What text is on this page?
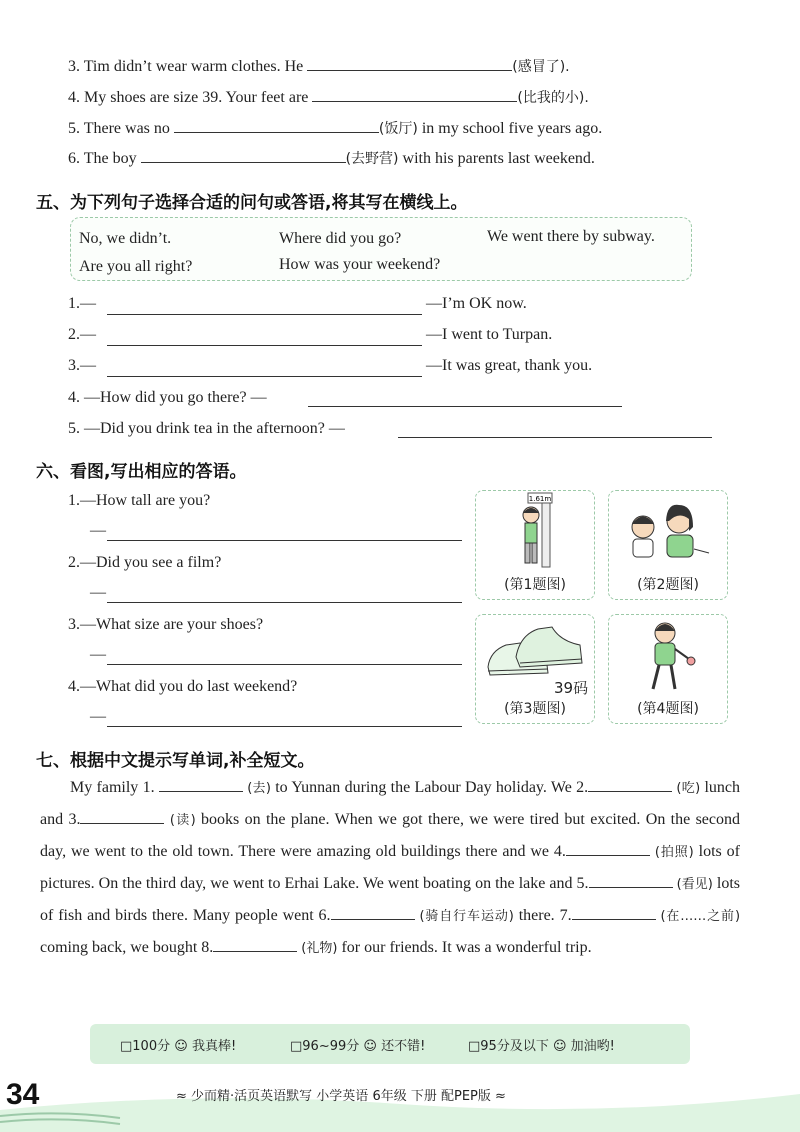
3. Tim didn’t wear warm clothes. He	(感冒了).
4. My shoes are size 39. Your feet are	(比我的小).
5. There was no	(饭厅) in my school five years ago.
6. The boy	(去野营) with his parents last weekend.
五、为下列句子选择合适的问句或答语,将其写在横线上。
No, we didn’t.	Where did you go?	We went there by subway.
Are you all right?	How was your weekend?
1.—	—I’m OK now.
2.—	—I went to Turpan.
3.—	—It was great, thank you.
4. —How did you go there? —
5. —Did you drink tea in the afternoon? —
六、看图,写出相应的答语。
1.—How tall are you?
—
2.—Did you see a film?
—
3.—What size are your shoes?
—
4.—What did you do last weekend?
—
1.61m
(第1题图)	(第2题图)
39码
(第3题图)	(第4题图)
七、根据中文提示写单词,补全短文。
My family 1.	(去) to Yunnan during the Labour Day holiday. We 2.	(吃) lunch and 3.	(读) books on the plane. When we got there, we were tired but excited. On the second day, we went to the old town. There were amazing old buildings there and we 4.	(拍照) lots of pictures. On the third day, we went to Erhai Lake. We went boating on the lake and 5.	(看见) lots of fish and birds there. Many people went 6.	(骑自行车运动) there. 7.	(在……之前) coming back, we bought 8.	(礼物) for our friends. It was a wonderful trip.
□100分 ☺ 我真棒!	□96~99分 ☺ 还不错!	□95分及以下 ☺ 加油哟!
34	≈ 少而精·活页英语默写 小学英语 6年级 下册 配PEP版 ≈
